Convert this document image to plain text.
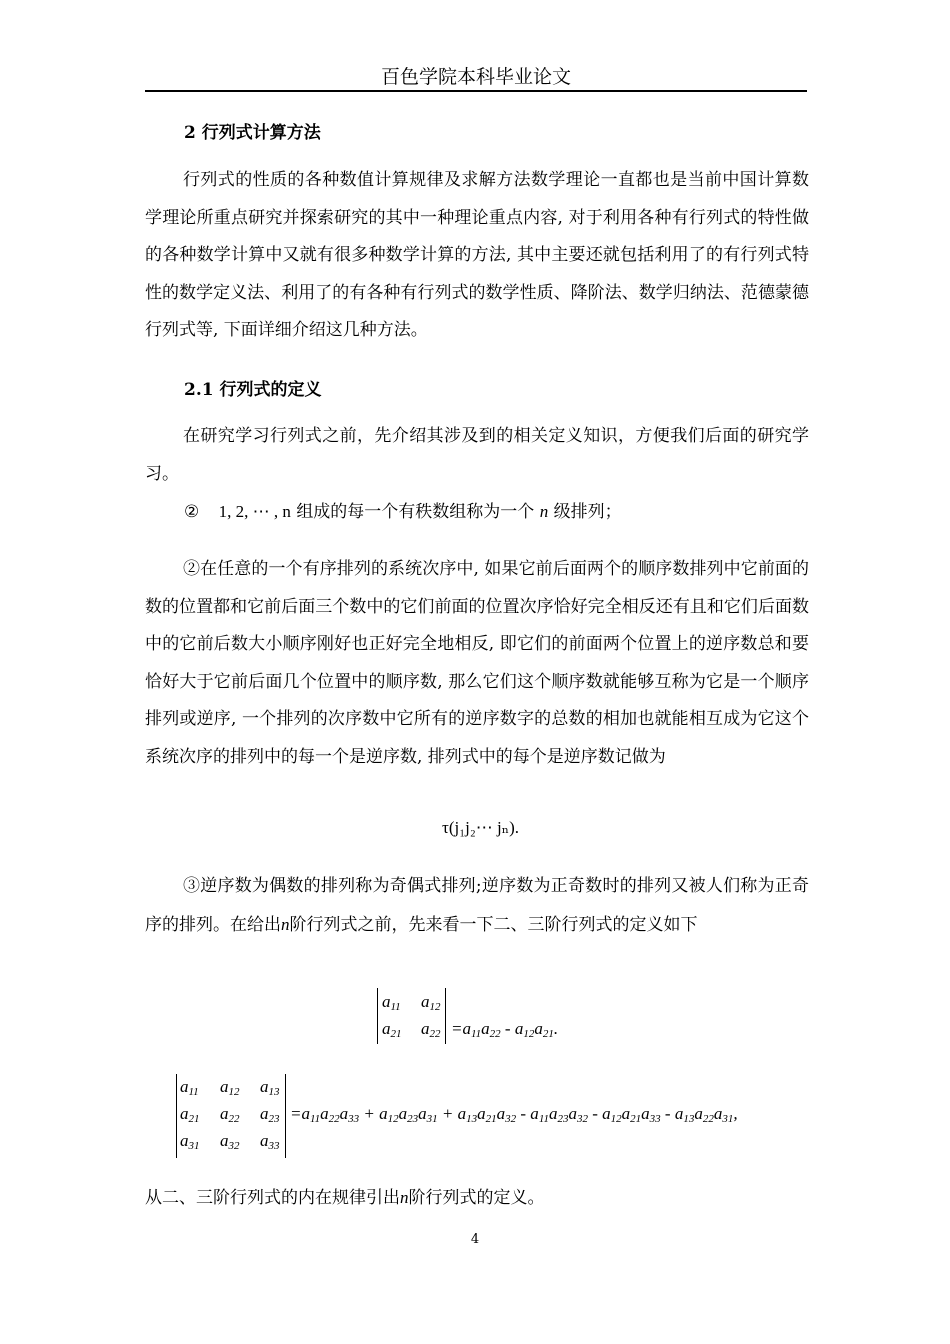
百色学院本科毕业论文
2 行列式计算方法
行列式的性质的各种数值计算规律及求解方法数学理论一直都也是当前中国计算数学理论所重点研究并探索研究的其中一种理论重点内容, 对于利用各种有行列式的特性做的各种数学计算中又就有很多种数学计算的方法, 其中主要还就包括利用了的有行列式特性的数学定义法、利用了的有各种有行列式的数学性质、降阶法、数学归纳法、范德蒙德行列式等, 下面详细介绍这几种方法。
2.1 行列式的定义
在研究学习行列式之前，先介绍其涉及到的相关定义知识，方便我们后面的研究学习。
② 1, 2, ⋯ , n 组成的每一个有秩数组称为一个 n 级排列；
②在任意的一个有序排列的系统次序中, 如果它前后面两个的顺序数排列中它前面的数的位置都和它前后面三个数中的它们前面的位置次序恰好完全相反还有且和它们后面数中的它前后数大小顺序刚好也正好完全地相反, 即它们的前面两个位置上的逆序数总和要恰好大于它前后面几个位置中的顺序数, 那么它们这个顺序数就能够互称为它是一个顺序排列或逆序, 一个排列的次序数中它所有的逆序数字的总数的相加也就能相互成为它这个系统次序的排列中的每一个是逆序数, 排列式中的每个是逆序数记做为
τ(j₁j₂⋯ jₙ).
③逆序数为偶数的排列称为奇偶式排列;逆序数为正奇数时的排列又被人们称为正奇序的排列。在给出n阶行列式之前，先来看一下二、三阶行列式的定义如下
$a_{11}$ $a_{12}$
$a_{21}$ $a_{22} =a_{11}a_{22} - a_{12}a_{21}$.
$a_{11}$ $a_{12}$ $a_{13}$
$a_{21}$ $a_{22}$ $a_{23}$
$a_{31}$ $a_{32}$ $a_{33}$
$=a_{11}a_{22}a_{33} + a_{12}a_{23}a_{31} + a_{13}a_{21}a_{32} - a_{11}a_{23}a_{32} - a_{12}a_{21}a_{33} - a_{13}a_{22}a_{31}$,
从二、三阶行列式的内在规律引出n阶行列式的定义。
4
